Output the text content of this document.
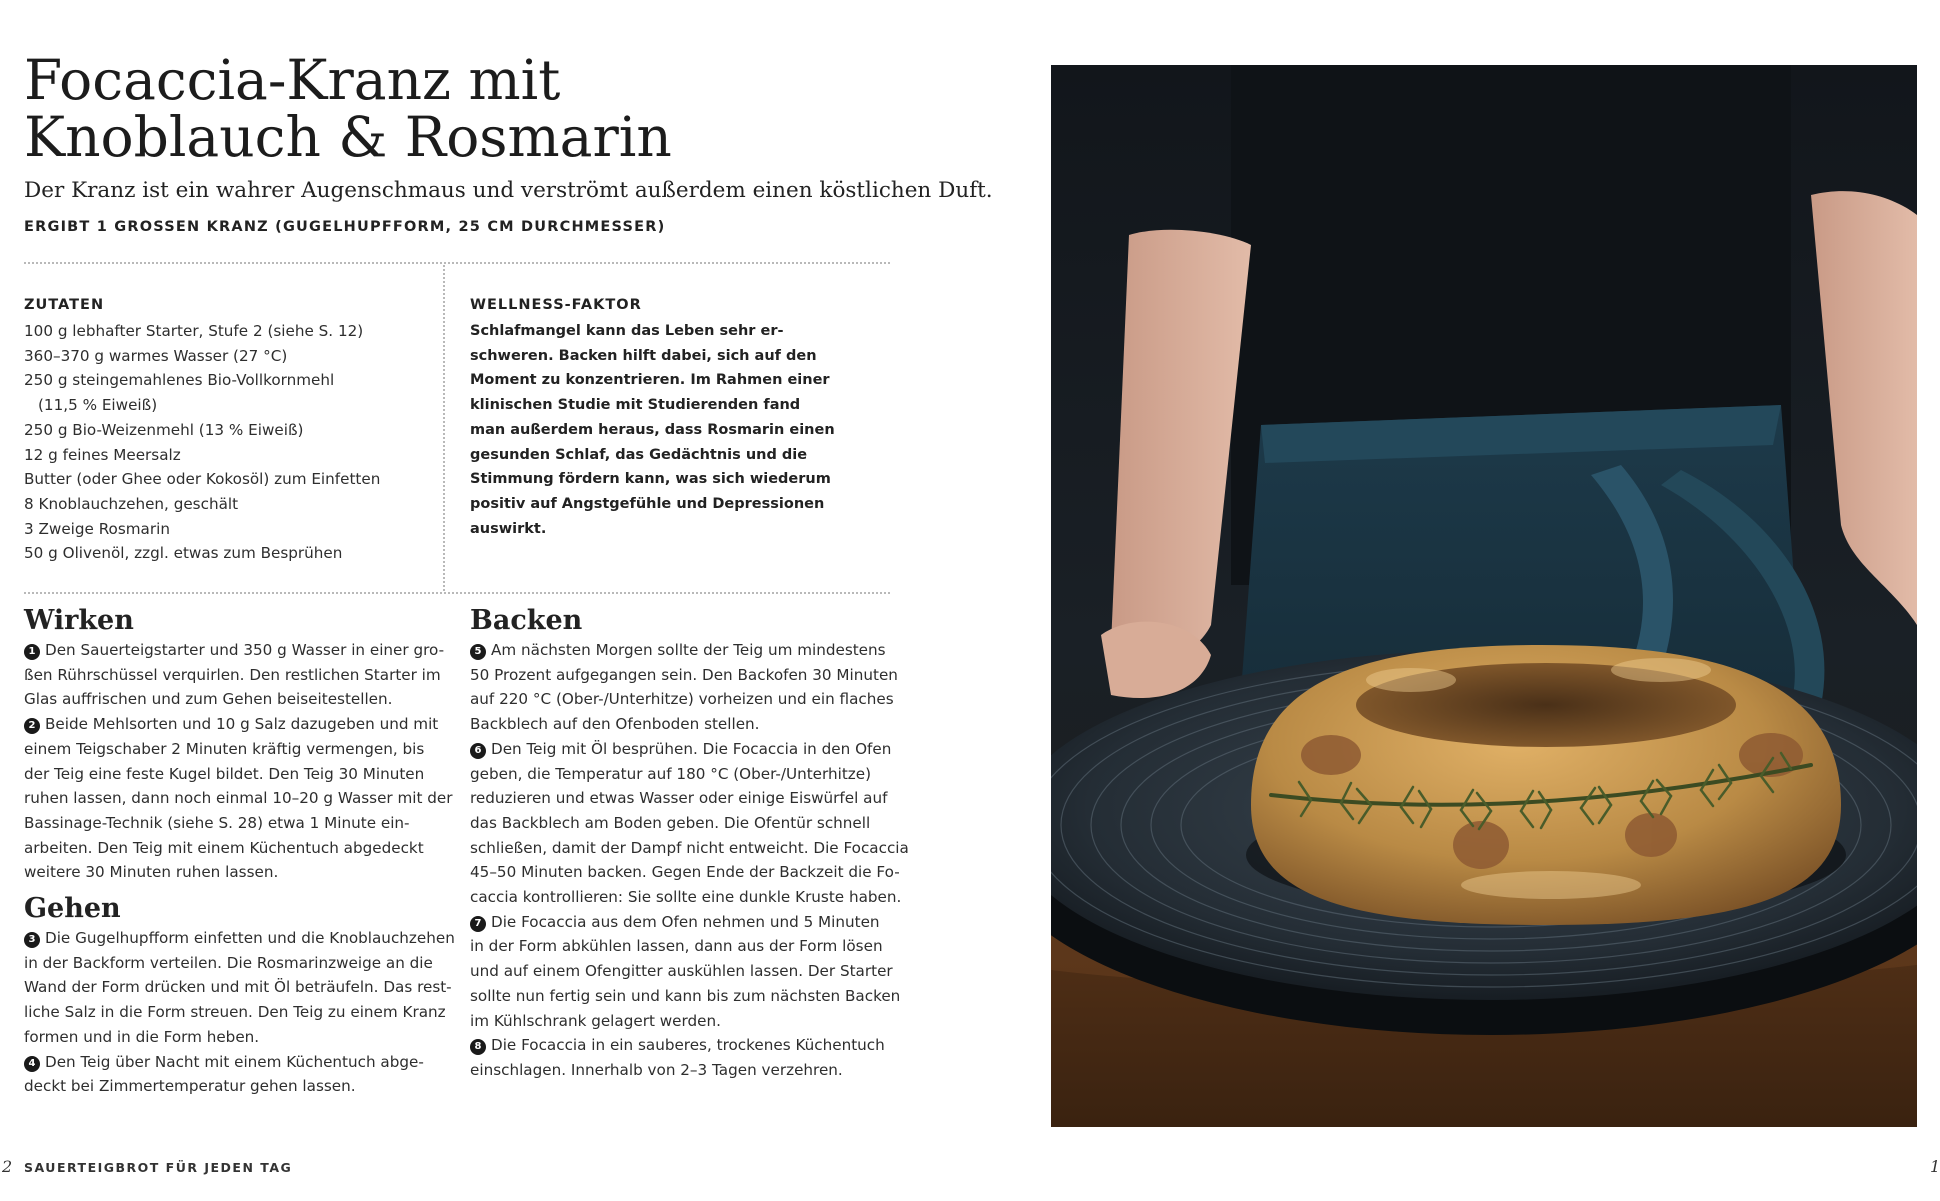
Focaccia-Kranz mit
Knoblauch & Rosmarin

Der Kranz ist ein wahrer Augenschmaus und verströmt außerdem einen köstlichen Duft.

ERGIBT 1 GROSSEN KRANZ (GUGELHUPFFORM, 25 CM DURCHMESSER)

ZUTATEN

100 g lebhafter Starter, Stufe 2 (siehe S. 12)
360–370 g warmes Wasser (27 °C)
250 g steingemahlenes Bio-Vollkornmehl
(11,5 % Eiweiß)
250 g Bio-Weizenmehl (13 % Eiweiß)
12 g feines Meersalz
Butter (oder Ghee oder Kokosöl) zum Einfetten
8 Knoblauchzehen, geschält
3 Zweige Rosmarin
50 g Olivenöl, zzgl. etwas zum Besprühen

WELLNESS-FAKTOR

Schlafmangel kann das Leben sehr er-
schweren. Backen hilft dabei, sich auf den
Moment zu konzentrieren. Im Rahmen einer
klinischen Studie mit Studierenden fand
man außerdem heraus, dass Rosmarin einen
gesunden Schlaf, das Gedächtnis und die
Stimmung fördern kann, was sich wiederum
positiv auf Angstgefühle und Depressionen
auswirkt.
Wirken
1 Den Sauerteigstarter und 350 g Wasser in einer gro-
ßen Rührschüssel verquirlen. Den restlichen Starter im
Glas auffrischen und zum Gehen beiseitestellen.
2 Beide Mehlsorten und 10 g Salz dazugeben und mit
einem Teigschaber 2 Minuten kräftig vermengen, bis
der Teig eine feste Kugel bildet. Den Teig 30 Minuten
ruhen lassen, dann noch einmal 10–20 g Wasser mit der
Bassinage-Technik (siehe S. 28) etwa 1 Minute ein-
arbeiten. Den Teig mit einem Küchentuch abgedeckt
weitere 30 Minuten ruhen lassen.
Gehen
3 Die Gugelhupfform einfetten und die Knoblauchzehen
in der Backform verteilen. Die Rosmarinzweige an die
Wand der Form drücken und mit Öl beträufeln. Das rest-
liche Salz in die Form streuen. Den Teig zu einem Kranz
formen und in die Form heben.
4 Den Teig über Nacht mit einem Küchentuch abge-
deckt bei Zimmertemperatur gehen lassen.
Backen
5 Am nächsten Morgen sollte der Teig um mindestens
50 Prozent aufgegangen sein. Den Backofen 30 Minuten
auf 220 °C (Ober-/Unterhitze) vorheizen und ein flaches
Backblech auf den Ofenboden stellen.
6 Den Teig mit Öl besprühen. Die Focaccia in den Ofen
geben, die Temperatur auf 180 °C (Ober-/Unterhitze)
reduzieren und etwas Wasser oder einige Eiswürfel auf
das Backblech am Boden geben. Die Ofentür schnell
schließen, damit der Dampf nicht entweicht. Die Focaccia
45–50 Minuten backen. Gegen Ende der Backzeit die Fo-
caccia kontrollieren: Sie sollte eine dunkle Kruste haben.
7 Die Focaccia aus dem Ofen nehmen und 5 Minuten
in der Form abkühlen lassen, dann aus der Form lösen
und auf einem Ofengitter auskühlen lassen. Der Starter
sollte nun fertig sein und kann bis zum nächsten Backen
im Kühlschrank gelagert werden.
8 Die Focaccia in ein sauberes, trockenes Küchentuch
einschlagen. Innerhalb von 2–3 Tagen verzehren.
2 SAUERTEIGBROT FÜR JEDEN TAG	1
